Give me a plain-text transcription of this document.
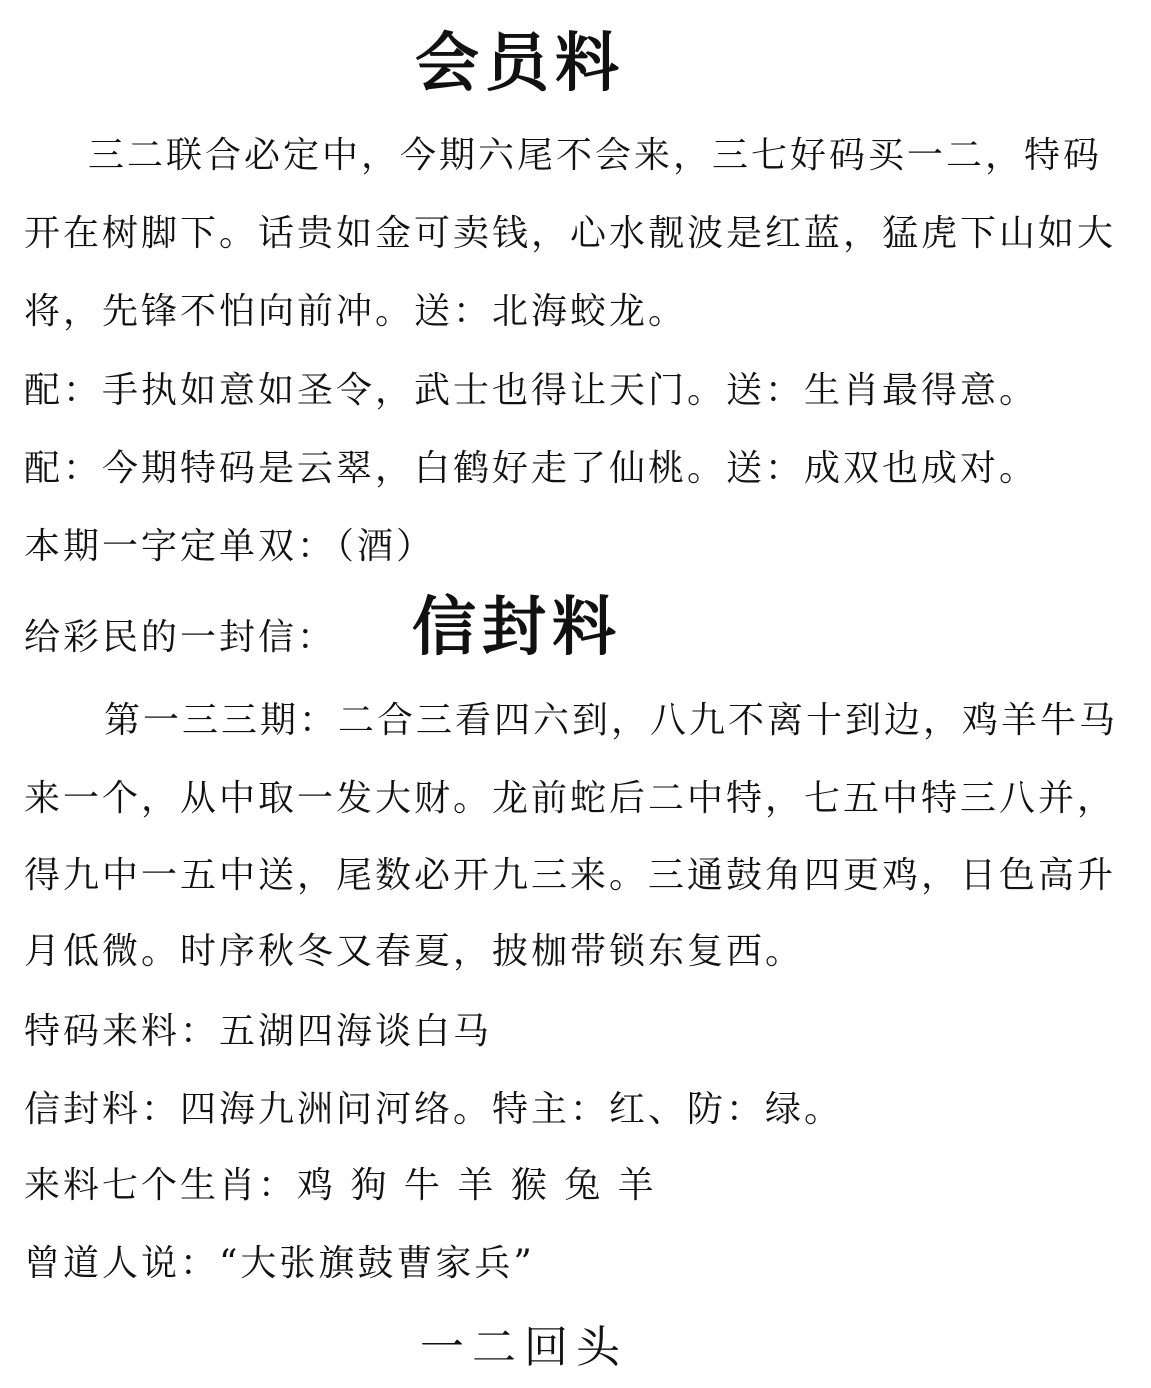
会员料
三二联合必定中，今期六尾不会来，三七好码买一二，特码
开在树脚下。话贵如金可卖钱，心水靓波是红蓝，猛虎下山如大
将，先锋不怕向前冲。送：北海蛟龙。
配：手执如意如圣令，武士也得让天门。送：生肖最得意。
配：今期特码是云翠，白鹤好走了仙桃。送：成双也成对。
本期一字定单双：（酒）
给彩民的一封信：	信封料
第一三三期：二合三看四六到，八九不离十到边，鸡羊牛马
来一个，从中取一发大财。龙前蛇后二中特，七五中特三八并，
得九中一五中送，尾数必开九三来。三通鼓角四更鸡，日色高升
月低微。时序秋冬又春夏，披枷带锁东复西。
特码来料：五湖四海谈白马
信封料：四海九洲问河络。特主：红、防：绿。
来料七个生肖：鸡 狗 牛 羊 猴 兔 羊
曾道人说：“大张旗鼓曹家兵”
一二回头
